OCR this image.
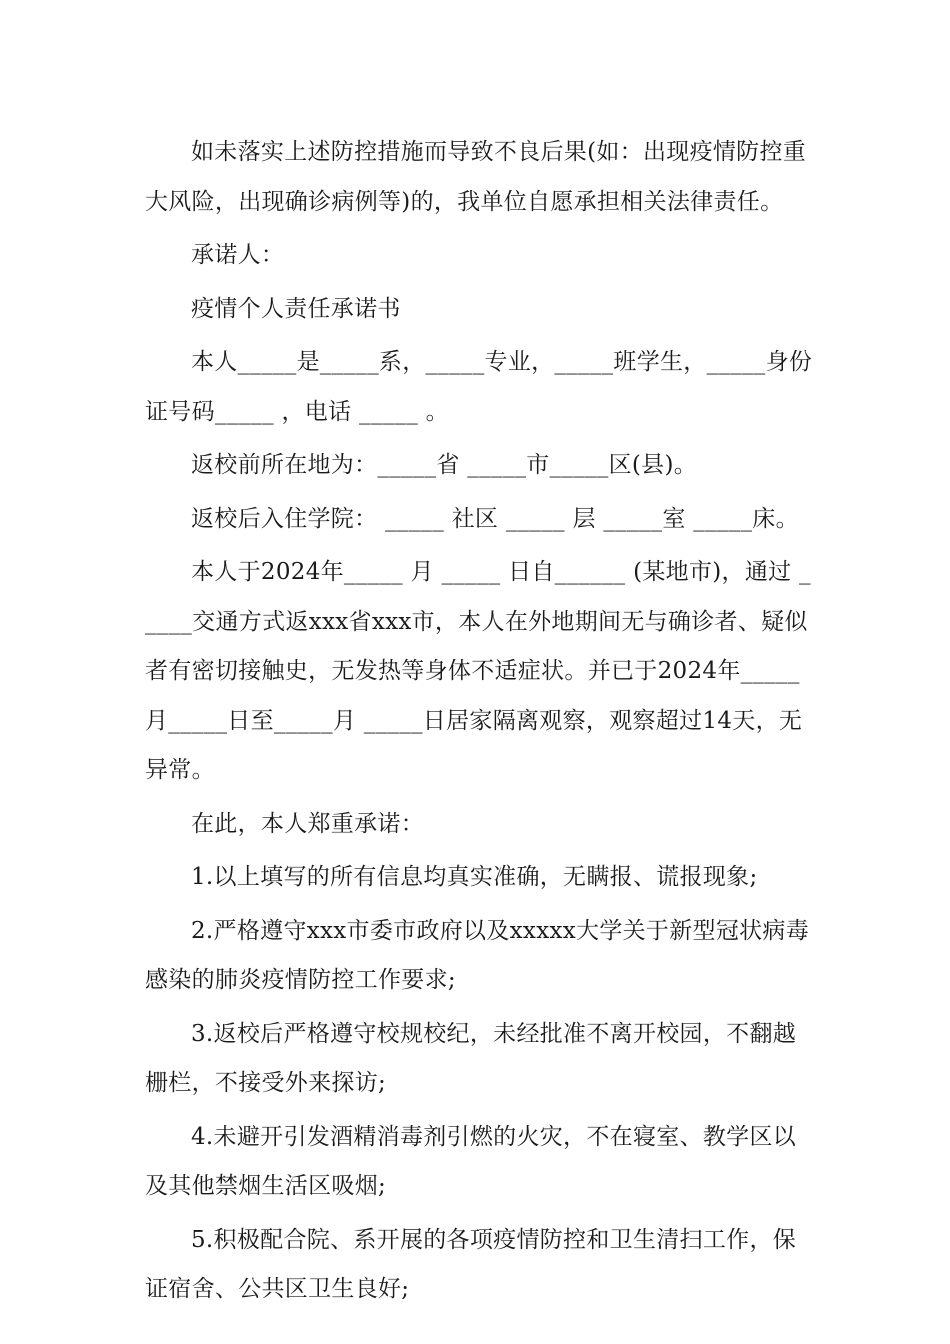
如未落实上述防控措施而导致不良后果(如：出现疫情防控重大风险，出现确诊病例等)的，我单位自愿承担相关法律责任。

承诺人：

疫情个人责任承诺书

本人_____是_____系，_____专业，_____班学生，_____身份证号码_____ ，电话 _____ 。

返校前所在地为：_____省 _____市_____区(县)。

返校后入住学院： _____ 社区 _____ 层 _____室 _____床。

本人于2024年_____ 月 _____ 日自______ (某地市)，通过 _____交通方式返xxx省xxx市，本人在外地期间无与确诊者、疑似者有密切接触史，无发热等身体不适症状。并已于2024年_____月_____日至_____月 _____日居家隔离观察，观察超过14天，无异常。

在此，本人郑重承诺：

1.以上填写的所有信息均真实准确，无瞒报、谎报现象;

2.严格遵守xxx市委市政府以及xxxxx大学关于新型冠状病毒感染的肺炎疫情防控工作要求;

3.返校后严格遵守校规校纪，未经批准不离开校园，不翻越栅栏，不接受外来探访;

4.未避开引发酒精消毒剂引燃的火灾，不在寝室、教学区以及其他禁烟生活区吸烟;

5.积极配合院、系开展的各项疫情防控和卫生清扫工作，保证宿舍、公共区卫生良好;
